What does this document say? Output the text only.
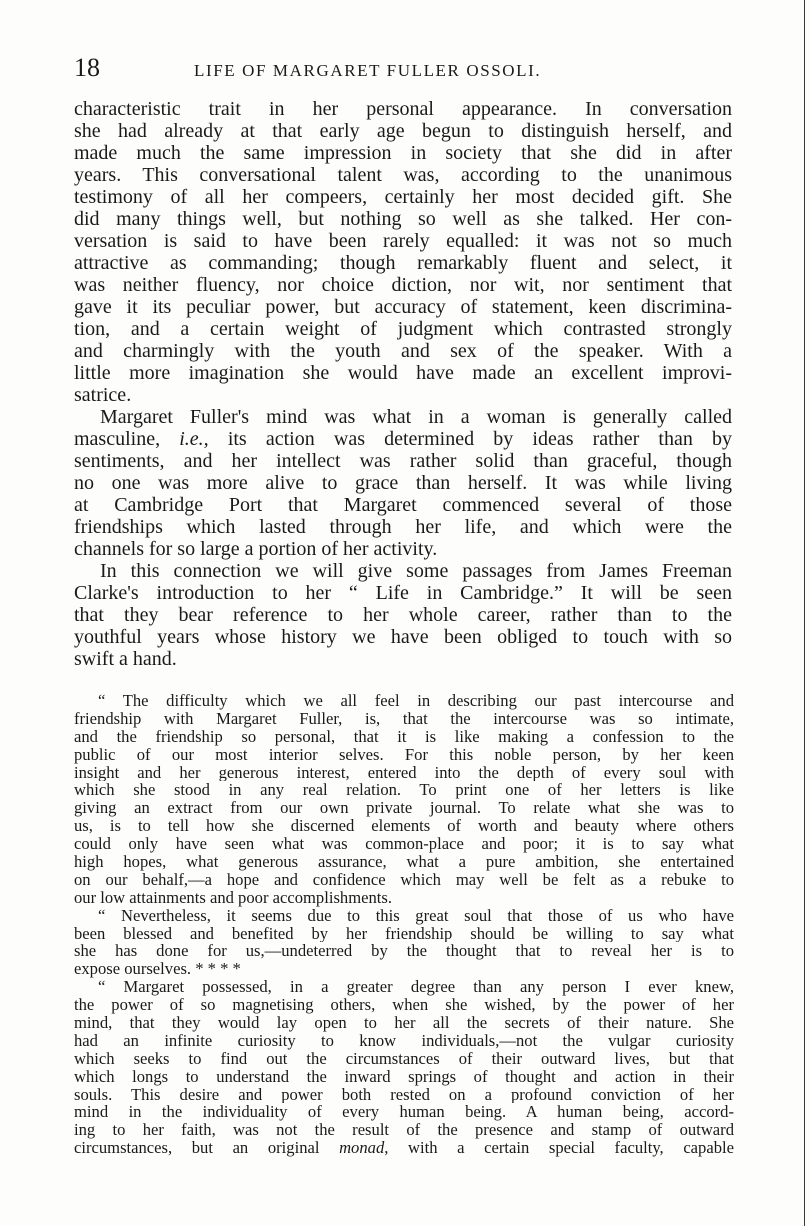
18	LIFE OF MARGARET FULLER OSSOLI.
characteristic trait in her personal appearance. In conversation
she had already at that early age begun to distinguish herself, and
made much the same impression in society that she did in after
years. This conversational talent was, according to the unanimous
testimony of all her compeers, certainly her most decided gift. She
did many things well, but nothing so well as she talked. Her con-
versation is said to have been rarely equalled: it was not so much
attractive as commanding; though remarkably fluent and select, it
was neither fluency, nor choice diction, nor wit, nor sentiment that
gave it its peculiar power, but accuracy of statement, keen discrimina-
tion, and a certain weight of judgment which contrasted strongly
and charmingly with the youth and sex of the speaker. With a
little more imagination she would have made an excellent improvi-
satrice.
Margaret Fuller's mind was what in a woman is generally called
masculine, i.e., its action was determined by ideas rather than by
sentiments, and her intellect was rather solid than graceful, though
no one was more alive to grace than herself. It was while living
at Cambridge Port that Margaret commenced several of those
friendships which lasted through her life, and which were the
channels for so large a portion of her activity.
In this connection we will give some passages from James Freeman
Clarke's introduction to her “ Life in Cambridge.” It will be seen
that they bear reference to her whole career, rather than to the
youthful years whose history we have been obliged to touch with so
swift a hand.
“ The difficulty which we all feel in describing our past intercourse and
friendship with Margaret Fuller, is, that the intercourse was so intimate,
and the friendship so personal, that it is like making a confession to the
public of our most interior selves. For this noble person, by her keen
insight and her generous interest, entered into the depth of every soul with
which she stood in any real relation. To print one of her letters is like
giving an extract from our own private journal. To relate what she was to
us, is to tell how she discerned elements of worth and beauty where others
could only have seen what was common-place and poor; it is to say what
high hopes, what generous assurance, what a pure ambition, she entertained
on our behalf,—a hope and confidence which may well be felt as a rebuke to
our low attainments and poor accomplishments.
“ Nevertheless, it seems due to this great soul that those of us who have
been blessed and benefited by her friendship should be willing to say what
she has done for us,—undeterred by the thought that to reveal her is to
expose ourselves. * * * *
“ Margaret possessed, in a greater degree than any person I ever knew,
the power of so magnetising others, when she wished, by the power of her
mind, that they would lay open to her all the secrets of their nature. She
had an infinite curiosity to know individuals,—not the vulgar curiosity
which seeks to find out the circumstances of their outward lives, but that
which longs to understand the inward springs of thought and action in their
souls. This desire and power both rested on a profound conviction of her
mind in the individuality of every human being. A human being, accord-
ing to her faith, was not the result of the presence and stamp of outward
circumstances, but an original monad, with a certain special faculty, capable
